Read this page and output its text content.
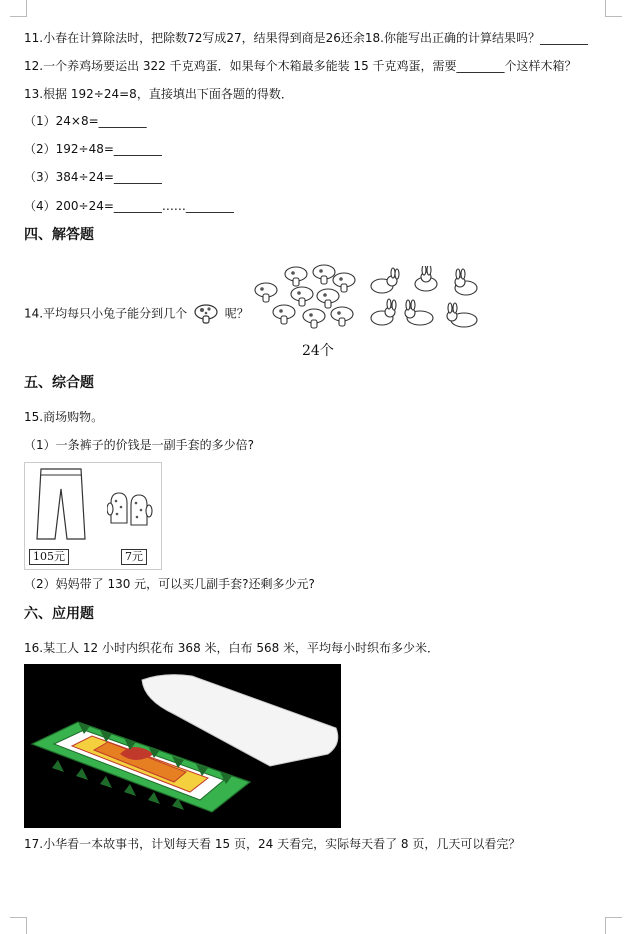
11.小春在计算除法时，把除数72写成27，结果得到商是26还余18.你能写出正确的计算结果吗？________
12.一个养鸡场要运出 322 千克鸡蛋．如果每个木箱最多能装 15 千克鸡蛋，需要________个这样木箱？
13.根据 192÷24=8，直接填出下面各题的得数．
（1）24×8=________
（2）192÷48=________
（3）384÷24=________
（4）200÷24=________……________
四、解答题
14.平均每只小兔子能分到几个	呢？
24个
五、综合题
15.商场购物。
（1）一条裤子的价钱是一副手套的多少倍?
105元	7元
（2）妈妈带了 130 元，可以买几副手套?还剩多少元?
六、应用题
16.某工人 12 小时内织花布 368 米，白布 568 米，平均每小时织布多少米．
17.小华看一本故事书，计划每天看 15 页，24 天看完，实际每天看了 8 页，几天可以看完？
